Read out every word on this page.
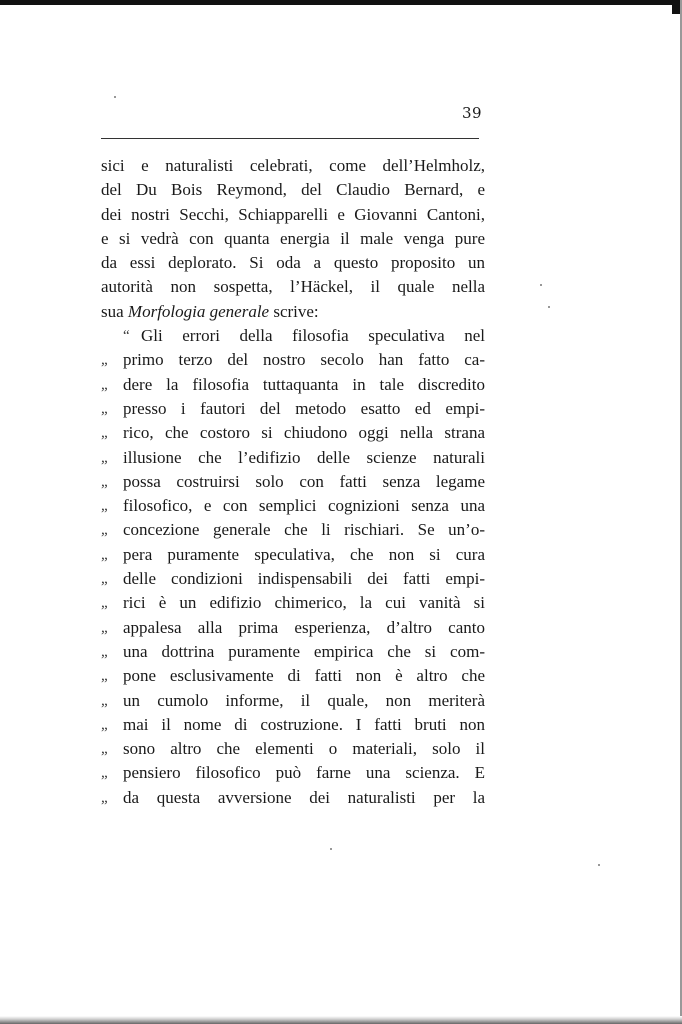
39
sici e naturalisti celebrati, come dell’Helmholz,
del Du Bois Reymond, del Claudio Bernard, e
dei nostri Secchi, Schiapparelli e Giovanni Cantoni,
e si vedrà con quanta energia il male venga pure
da essi deplorato. Si oda a questo proposito un
autorità non sospetta, l’Häckel, il quale nella
sua Morfologia generale scrive:
“ Gli errori della filosofia speculativa nel
„ primo terzo del nostro secolo han fatto ca-
„ dere la filosofia tuttaquanta in tale discredito
„ presso i fautori del metodo esatto ed empi-
„ rico, che costoro si chiudono oggi nella strana
„ illusione che l’edifizio delle scienze naturali
„ possa costruirsi solo con fatti senza legame
„ filosofico, e con semplici cognizioni senza una
„ concezione generale che li rischiari. Se un’o-
„ pera puramente speculativa, che non si cura
„ delle condizioni indispensabili dei fatti empi-
„ rici è un edifizio chimerico, la cui vanità si
„ appalesa alla prima esperienza, d’altro canto
„ una dottrina puramente empirica che si com-
„ pone esclusivamente di fatti non è altro che
„ un cumolo informe, il quale, non meriterà
„ mai il nome di costruzione. I fatti bruti non
„ sono altro che elementi o materiali, solo il
„ pensiero filosofico può farne una scienza. E
„ da questa avversione dei naturalisti per la
